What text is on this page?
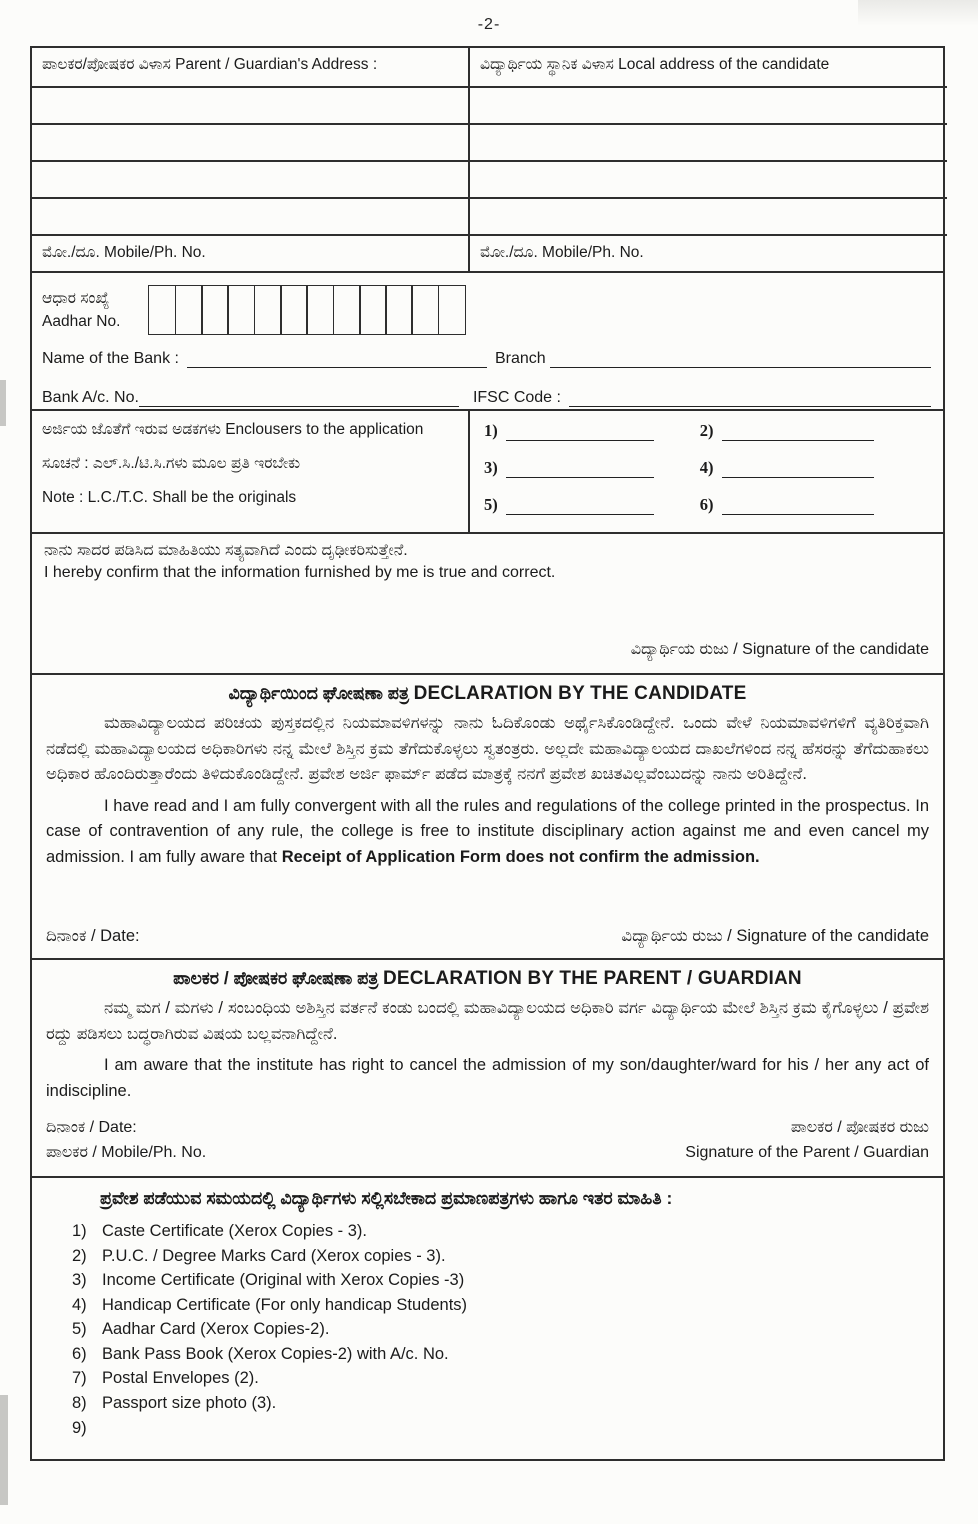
-2-
ಪಾಲಕರ/ಪೋಷಕರ ವಿಳಾಸ Parent / Guardian's Address :	ವಿದ್ಯಾರ್ಥಿಯ ಸ್ಥಾನಿಕ ವಿಳಾಸ Local address of the candidate
ಮೋ./ದೂ. Mobile/Ph. No.	ಮೋ./ದೂ. Mobile/Ph. No.
ಆಧಾರ ಸಂಖ್ಯೆ
Aadhar No.
Name of the Bank :	Branch
Bank A/c. No.	IFSC Code :
ಅರ್ಜಿಯ ಜೊತೆಗೆ ಇರುವ ಅಡಕಗಳು Enclousers to the application
ಸೂಚನೆ : ಎಲ್.ಸಿ./ಟಿ.ಸಿ.ಗಳು ಮೂಲ ಪ್ರತಿ ಇರಬೇಕು
Note : L.C./T.C. Shall be the originals
1)	2)
3)	4)
5)	6)

ನಾನು ಸಾದರ ಪಡಿಸಿದ ಮಾಹಿತಿಯು ಸತ್ಯವಾಗಿದೆ ಎಂದು ದೃಢೀಕರಿಸುತ್ತೇನೆ.

I hereby confirm that the information furnished by me is true and correct.

ವಿದ್ಯಾರ್ಥಿಯ ರುಜು / Signature of the candidate
ವಿದ್ಯಾರ್ಥಿಯಿಂದ ಘೋಷಣಾ ಪತ್ರ DECLARATION BY THE CANDIDATE

ಮಹಾವಿದ್ಯಾಲಯದ ಪರಿಚಯ ಪುಸ್ತಕದಲ್ಲಿನ ನಿಯಮಾವಳಿಗಳನ್ನು ನಾನು ಓದಿಕೊಂಡು ಅರ್ಥೈಸಿಕೊಂಡಿದ್ದೇನೆ. ಒಂದು ವೇಳೆ ನಿಯಮಾವಳಿಗಳಿಗೆ ವ್ಯತಿರಿಕ್ತವಾಗಿ ನಡೆದಲ್ಲಿ ಮಹಾವಿದ್ಯಾಲಯದ ಅಧಿಕಾರಿಗಳು ನನ್ನ ಮೇಲೆ ಶಿಸ್ತಿನ ಕ್ರಮ ತೆಗೆದುಕೊಳ್ಳಲು ಸ್ವತಂತ್ರರು. ಅಲ್ಲದೇ ಮಹಾವಿದ್ಯಾಲಯದ ದಾಖಲೆಗಳಿಂದ ನನ್ನ ಹೆಸರನ್ನು ತೆಗೆದುಹಾಕಲು ಅಧಿಕಾರ ಹೊಂದಿರುತ್ತಾರೆಂದು ತಿಳಿದುಕೊಂಡಿದ್ದೇನೆ. ಪ್ರವೇಶ ಅರ್ಜಿ ಫಾರ್ಮ್ ಪಡೆದ ಮಾತ್ರಕ್ಕೆ ನನಗೆ ಪ್ರವೇಶ ಖಚಿತವಿಲ್ಲವೆಂಬುದನ್ನು ನಾನು ಅರಿತಿದ್ದೇನೆ.

I have read and I am fully convergent with all the rules and regulations of the college printed in the prospectus. In case of contravention of any rule, the college is free to institute disciplinary action against me and even cancel my admission. I am fully aware that Receipt of Application Form does not confirm the admission.

ದಿನಾಂಕ / Date:	ವಿದ್ಯಾರ್ಥಿಯ ರುಜು / Signature of the candidate
ಪಾಲಕರ / ಪೋಷಕರ ಘೋಷಣಾ ಪತ್ರ DECLARATION BY THE PARENT / GUARDIAN

ನಮ್ಮ ಮಗ / ಮಗಳು / ಸಂಬಂಧಿಯ ಅಶಿಸ್ತಿನ ವರ್ತನೆ ಕಂಡು ಬಂದಲ್ಲಿ ಮಹಾವಿದ್ಯಾಲಯದ ಅಧಿಕಾರಿ ವರ್ಗ ವಿದ್ಯಾರ್ಥಿಯ ಮೇಲೆ ಶಿಸ್ತಿನ ಕ್ರಮ ಕೈಗೊಳ್ಳಲು / ಪ್ರವೇಶ ರದ್ದು ಪಡಿಸಲು ಬದ್ಧರಾಗಿರುವ ವಿಷಯ ಬಲ್ಲವನಾಗಿದ್ದೇನೆ.

I am aware that the institute has right to cancel the admission of my son/daughter/ward for his / her any act of indiscipline.

ದಿನಾಂಕ / Date:	ಪಾಲಕರ / ಪೋಷಕರ ರುಜು
ಪಾಲಕರ / Mobile/Ph. No.	Signature of the Parent / Guardian
ಪ್ರವೇಶ ಪಡೆಯುವ ಸಮಯದಲ್ಲಿ ವಿದ್ಯಾರ್ಥಿಗಳು ಸಲ್ಲಿಸಬೇಕಾದ ಪ್ರಮಾಣಪತ್ರಗಳು ಹಾಗೂ ಇತರ ಮಾಹಿತಿ :
1) Caste Certificate (Xerox Copies - 3).
2) P.U.C. / Degree Marks Card (Xerox copies - 3).
3) Income Certificate (Original with Xerox Copies -3)
4) Handicap Certificate (For only handicap Students)
5) Aadhar Card (Xerox Copies-2).
6) Bank Pass Book (Xerox Copies-2) with A/c. No.
7) Postal Envelopes (2).
8) Passport size photo (3).
9)
